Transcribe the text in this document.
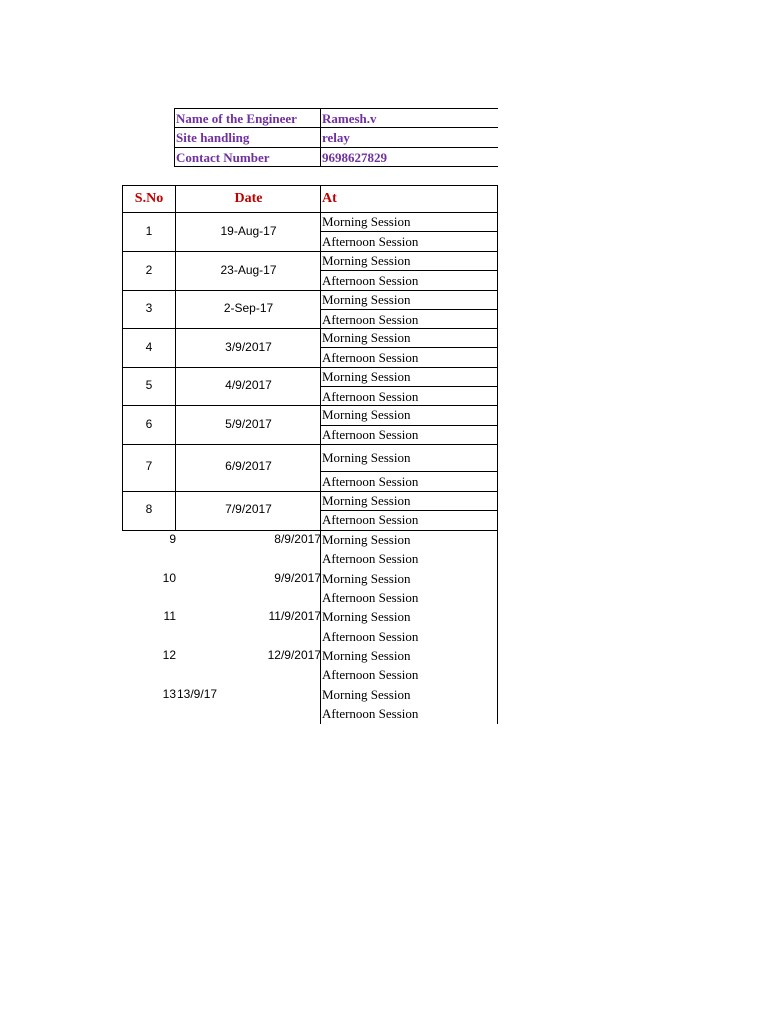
Name of the Engineer Ramesh.v
Site handling	relay
Contact Number	9698627829
S.No	Date	At
1	19-Aug-17
Morning Session
Afternoon Session
2	23-Aug-17
Morning Session
Afternoon Session
3	2-Sep-17
Morning Session
Afternoon Session
4	3/9/2017
Morning Session
Afternoon Session
5	4/9/2017
Morning Session
Afternoon Session
6	5/9/2017
Morning Session
Afternoon Session
7	6/9/2017
Morning Session
Afternoon Session
8	7/9/2017
Morning Session
Afternoon Session
9	8/9/2017 Morning Session
Afternoon Session
10	9/9/2017 Morning Session
Afternoon Session
11	11/9/2017 Morning Session
Afternoon Session
12	12/9/2017 Morning Session
Afternoon Session
13 13/9/17	Morning Session
Afternoon Session
